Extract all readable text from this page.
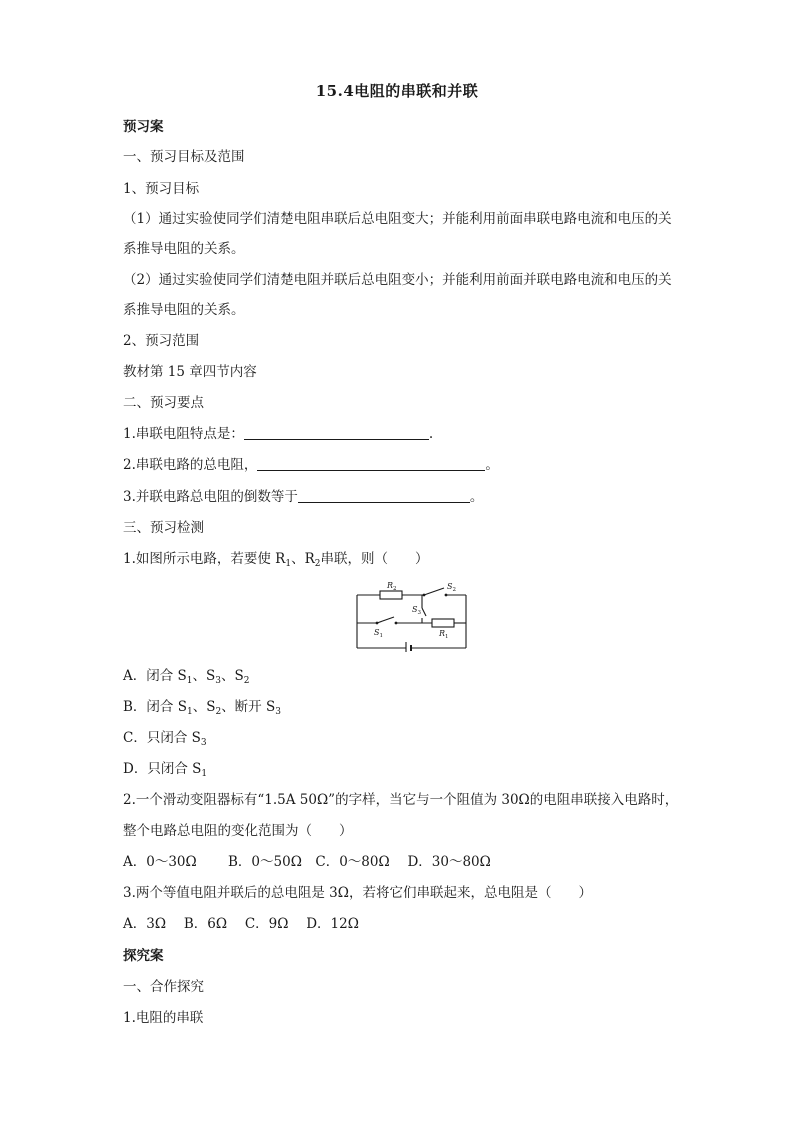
15.4电阻的串联和并联
预习案
一、预习目标及范围
1、预习目标
（1）通过实验使同学们清楚电阻串联后总电阻变大；并能利用前面串联电路电流和电压的关
系推导电阻的关系。
（2）通过实验使同学们清楚电阻并联后总电阻变小；并能利用前面并联电路电流和电压的关
系推导电阻的关系。
2、预习范围
教材第 15 章四节内容
二、预习要点
1.串联电阻特点是：	.
2.串联电路的总电阻，	。
3.并联电路总电阻的倒数等于	。
三、预习检测
1.如图所示电路，若要使 $R_1$、$R_2$串联，则（　　）
$R_2$	$S_2$
$S_3$
$S_1$	$R_1$
A．闭合 $S_1$、$S_3$、$S_2$
B．闭合 $S_1$、$S_2$、断开 $S_3$
C．只闭合 $S_3$
D．只闭合 $S_1$
2.一个滑动变阻器标有“1.5A 50Ω”的字样，当它与一个阻值为 30Ω的电阻串联接入电路时，
整个电路总电阻的变化范围为（　　）
A．0～30Ω　　 B．0～50Ω　C．0～80Ω　 D．30～80Ω
3.两个等值电阻并联后的总电阻是 3Ω，若将它们串联起来，总电阻是（　　）
A．3Ω　 B．6Ω　 C．9Ω　 D．12Ω
探究案
一、合作探究
1.电阻的串联
